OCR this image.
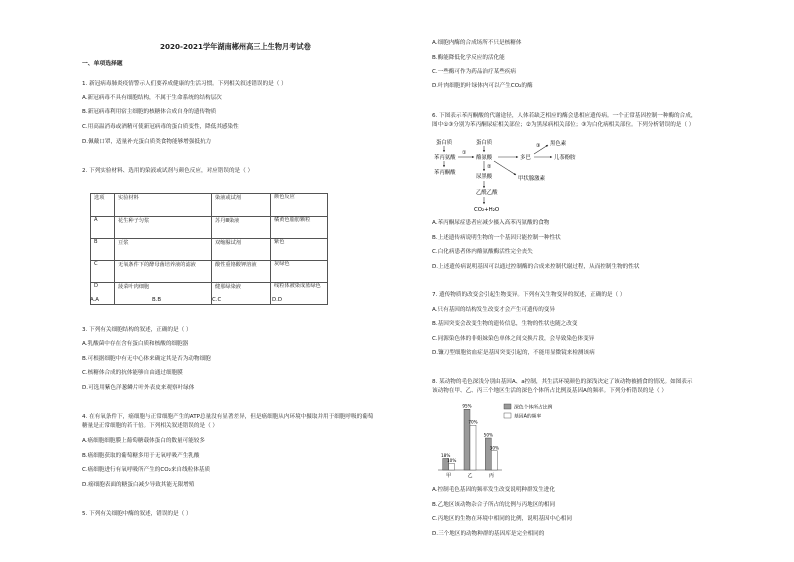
2020-2021学年湖南郴州高三上生物月考试卷
一、单项选择题
1. 新冠病毒肺炎疫情警示人们要养成健康的生活习惯。下列相关叙述错误的是（ ）
A.新冠病毒不具有细胞结构，不属于生命系统的结构层次
B.新冠病毒利用宿主细胞的核糖体合成自身的遗传物质
C.用高温消毒或酒精可使新冠病毒的蛋白质变性，降低其感染性
D.佩戴口罩，适量补充蛋白质类食物能够增强抵抗力
2. 下列实验材料、选用的染液或试剂与颜色反应，对应错误的是（ ）
选项	实验材料	染液或试剂	颜色反应
A	花生种子匀浆	苏丹Ⅲ染液	橘黄色脂肪颗粒
B	豆浆	双缩脲试剂	紫色
C	无氧条件下的酵母菌培养液的滤液	酸性重铬酸钾溶液	灰绿色
D	菠菜叶肉细胞	健那绿染液	线粒体被染成蓝绿色
A.A	B.B	C.C	D.D
3. 下列有关细胞结构的叙述，正确的是（ ）
A.乳酸菌中存在含有蛋白质和核酸的细胞器
B.可根据细胞中有无中心体来确定其是否为动物细胞
C.核糖体合成的抗体能够自由通过细胞膜
D.可选用紫色洋葱鳞片叶外表皮来观察叶绿体
4. 在有氧条件下，癌细胞与正常细胞产生的ATP总量没有显著差异，但是癌细胞从内环境中摄取并用于细胞呼吸的葡萄
糖量是正常细胞的若干倍。下列相关叙述错误的是（ ）
A.癌细胞细胞膜上葡萄糖载体蛋白的数量可能较多
B.癌细胞获取的葡萄糖多用于无氧呼吸产生乳酸
C.癌细胞进行有氧呼吸所产生的CO₂来自线粒体基质
D.癌细胞表面的糖蛋白减少导致其能无限增殖
5. 下列有关细胞中酶的叙述，错误的是（ ）
A.细胞内酶的合成场所不只是核糖体
B.酶能降低化学反应的活化能
C.一些酶可作为药品治疗某些疾病
D.叶肉细胞的叶绿体内可以产生CO₂的酶
6. 下图表示苯丙酮酸的代谢途径，人体若缺乏相应的酶会患相应遗传病。一个正常基因控制一种酶的合成，
图中①③分别为苯丙酮尿症相关部位；②为黑尿病相关部位；③为白化病相关部位。下列分析错误的是（ ）
蛋白质	蛋白质
苯丙氨酸
①
酪氨酸	多巴
③ 黑色素
儿茶酚胺
苯丙酮酸
②
尿黑酸	甲状腺激素
乙酰乙酸
CO₂+H₂O
A.苯丙酮尿症患者应减少摄入高苯丙氨酸的食物
B.上述遗传病说明生物的一个基因只能控制一种性状
C.白化病患者体内酪氨酸酶活性完全丧失
D.上述遗传病说明基因可以通过控制酶的合成来控制代谢过程，从而控制生物的性状
7. 遗传物质的改变会引起生物变异。下列有关生物变异的叙述，正确的是（ ）
A.只有基因的结构发生改变才会产生可遗传的变异
B.基因突变会改变生物的遗传信息，生物的性状也随之改变
C.同源染色体的非姐妹染色单体之间交换片段，会导致染色体变异
D.镰刀型细胞贫血症是基因突变引起的，不能用显微镜来检测该病
8. 某动物的毛色深浅分别由基因A、a控制，其生活环境颜色的深浅决定了该动物被捕食的情况。如图表示
该动物在甲、乙、丙三个地区生活的深色个体所占比例及基因A的频率。下列分析错误的是（ ）
18%
10%
甲
95%
70%
乙
50%
30%
丙
深色个体所占比例
基因A的频率
A.控制毛色基因的频率发生改变说明种群发生进化
B.乙地区该动物杂合子所占的比例与丙地区的相同
C.丙地区的生物在环境中相同的比例，说明基因中心相同
D.三个地区的动物种群的基因库是完全相同的
